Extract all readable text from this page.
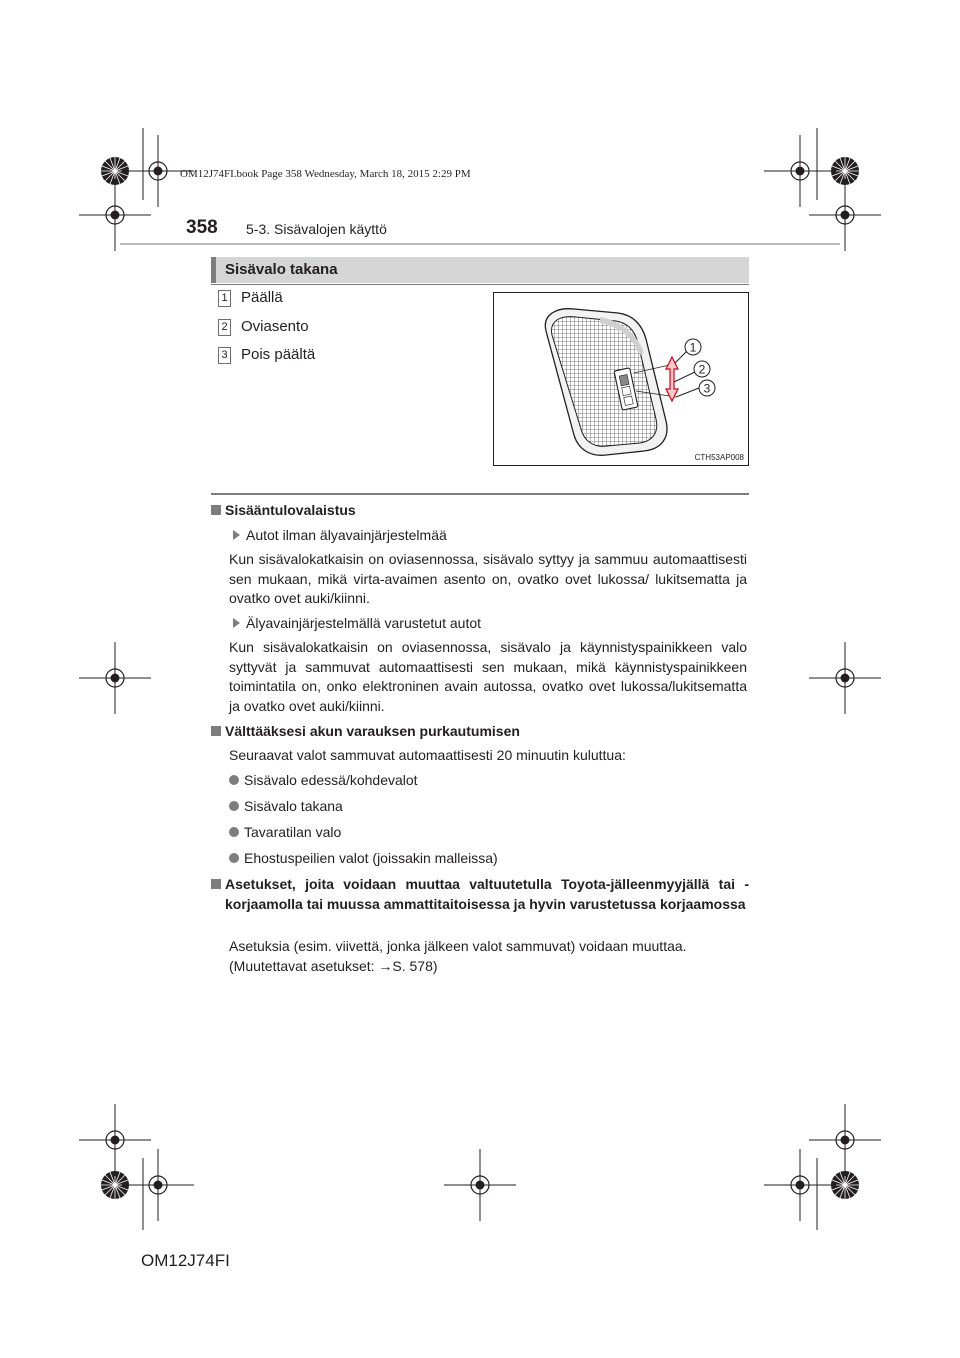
OM12J74FI.book Page 358 Wednesday, March 18, 2015 2:29 PM
358 5-3. Sisävalojen käyttö
Sisävalo takana
1 Päällä
2 Oviasento
3 Pois päältä	1
2
3
CTH53AP008
Sisääntulovalaistus
Autot ilman älyavainjärjestelmää
Kun sisävalokatkaisin on oviasennossa, sisävalo syttyy ja sammuu automaattisesti sen mukaan, mikä virta-avaimen asento on, ovatko ovet lukossa/ lukitsematta ja ovatko ovet auki/kiinni.
Älyavainjärjestelmällä varustetut autot
Kun sisävalokatkaisin on oviasennossa, sisävalo ja käynnistyspainikkeen valo syttyvät ja sammuvat automaattisesti sen mukaan, mikä käynnistyspainikkeen toimintatila on, onko elektroninen avain autossa, ovatko ovet lukossa/lukitsematta ja ovatko ovet auki/kiinni.
Välttääksesi akun varauksen purkautumisen
Seuraavat valot sammuvat automaattisesti 20 minuutin kuluttua:
Sisävalo edessä/kohdevalot
Sisävalo takana
Tavaratilan valo
Ehostuspeilien valot (joissakin malleissa)
Asetukset, joita voidaan muuttaa valtuutetulla Toyota-jälleenmyyjällä tai -korjaamolla tai muussa ammattitaitoisessa ja hyvin varustetussa korjaamossa
Asetuksia (esim. viivettä, jonka jälkeen valot sammuvat) voidaan muuttaa.
(Muutettavat asetukset: →S. 578)
OM12J74FI
